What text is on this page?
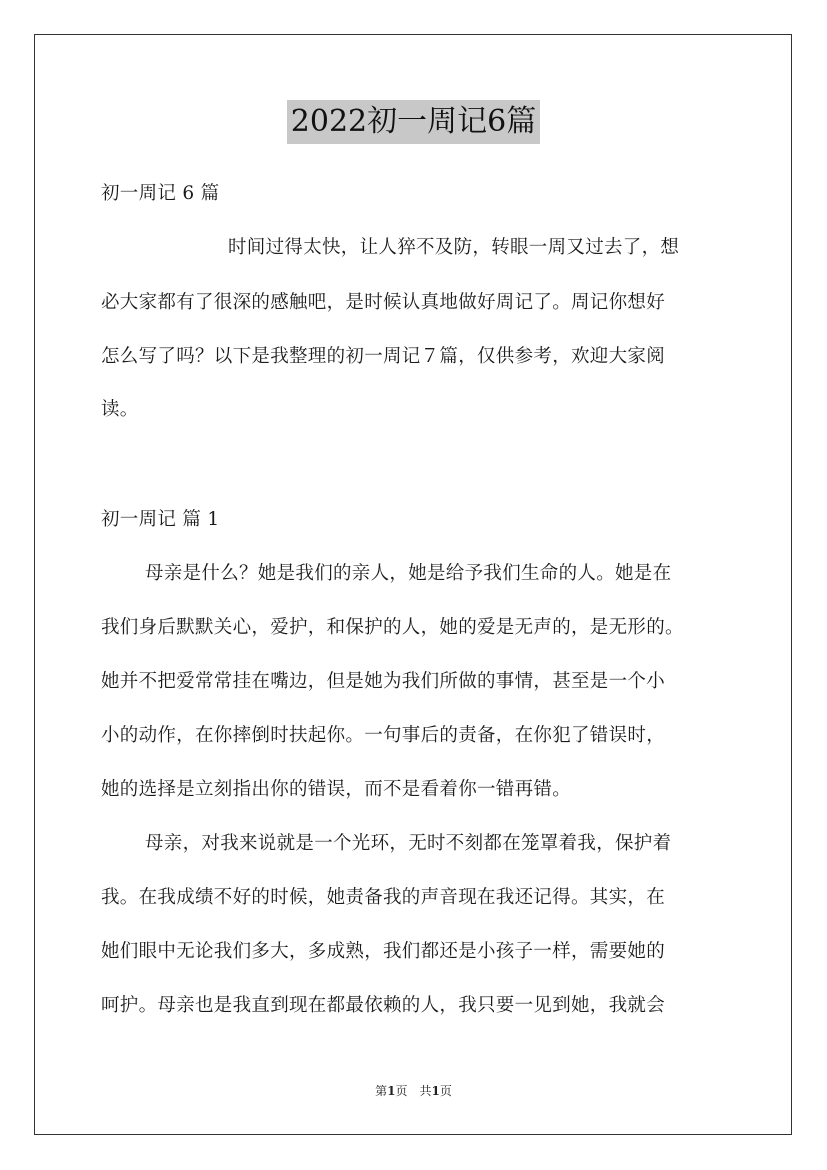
2022初一周记6篇
初一周记 6 篇
时间过得太快，让人猝不及防，转眼一周又过去了，想
必大家都有了很深的感触吧，是时候认真地做好周记了。周记你想好
怎么写了吗？以下是我整理的初一周记７篇，仅供参考，欢迎大家阅
读。
初一周记 篇 1
母亲是什么？她是我们的亲人，她是给予我们生命的人。她是在
我们身后默默关心，爱护，和保护的人，她的爱是无声的，是无形的。
她并不把爱常常挂在嘴边，但是她为我们所做的事情，甚至是一个小
小的动作，在你摔倒时扶起你。一句事后的责备，在你犯了错误时，
她的选择是立刻指出你的错误，而不是看着你一错再错。
母亲，对我来说就是一个光环，无时不刻都在笼罩着我，保护着
我。在我成绩不好的时候，她责备我的声音现在我还记得。其实，在
她们眼中无论我们多大，多成熟，我们都还是小孩子一样，需要她的
呵护。母亲也是我直到现在都最依赖的人，我只要一见到她，我就会
第1页　共1页
